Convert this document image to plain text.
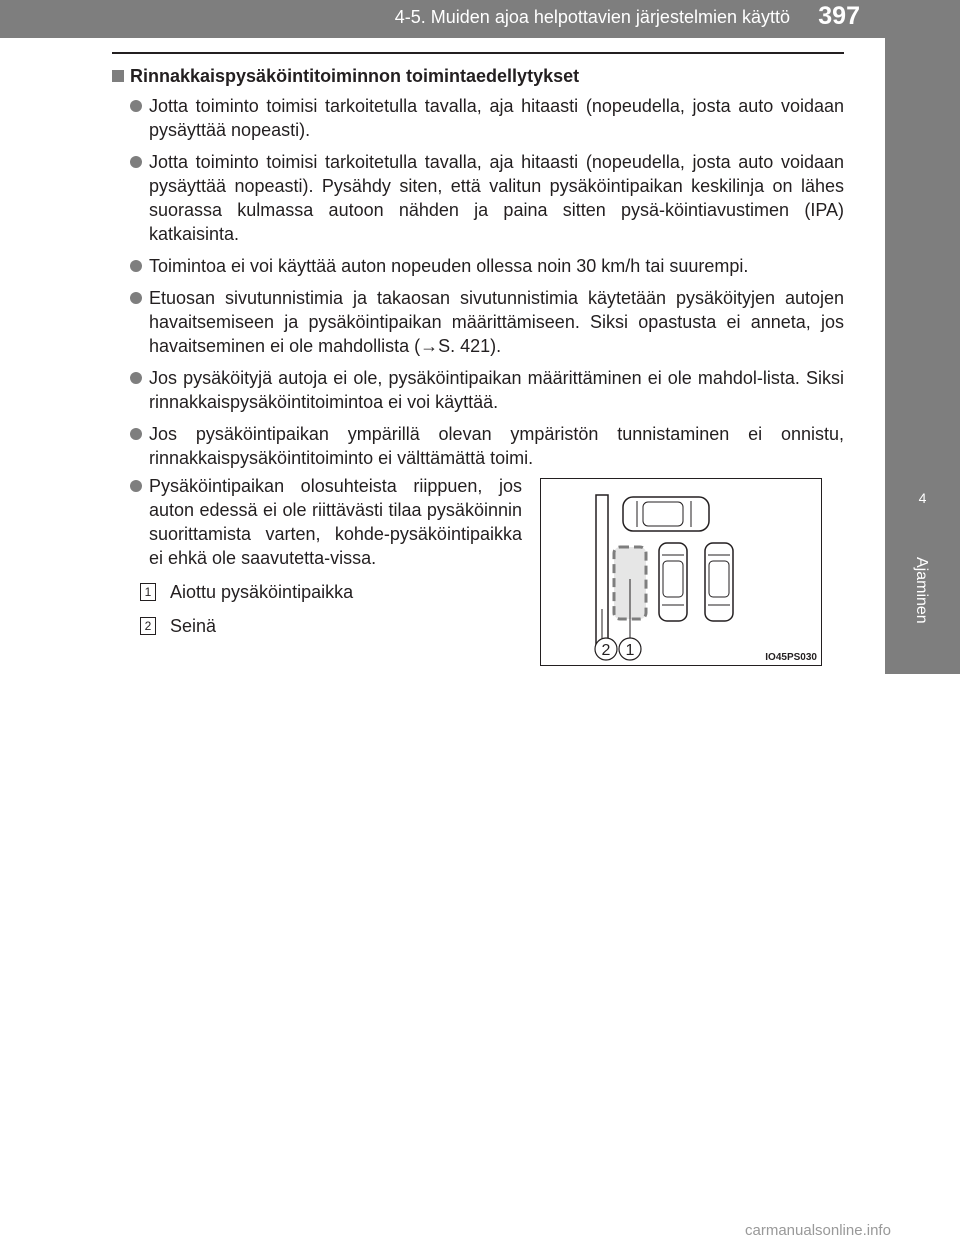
4-5. Muiden ajoa helpottavien järjestelmien käyttö 397
4
Ajaminen
Rinnakkaispysäköintitoiminnon toimintaedellytykset
Jotta toiminto toimisi tarkoitetulla tavalla, aja hitaasti (nopeudella, josta auto voidaan pysäyttää nopeasti).
Jotta toiminto toimisi tarkoitetulla tavalla, aja hitaasti (nopeudella, josta auto voidaan pysäyttää nopeasti). Pysähdy siten, että valitun pysäköintipaikan keskilinja on lähes suorassa kulmassa autoon nähden ja paina sitten pysä-köintiavustimen (IPA) katkaisinta.
Toimintoa ei voi käyttää auton nopeuden ollessa noin 30 km/h tai suurempi.
Etuosan sivutunnistimia ja takaosan sivutunnistimia käytetään pysäköityjen autojen havaitsemiseen ja pysäköintipaikan määrittämiseen. Siksi opastusta ei anneta, jos havaitseminen ei ole mahdollista (→S. 421).
Jos pysäköityjä autoja ei ole, pysäköintipaikan määrittäminen ei ole mahdol-lista. Siksi rinnakkaispysäköintitoimintoa ei voi käyttää.
Jos pysäköintipaikan ympärillä olevan ympäristön tunnistaminen ei onnistu, rinnakkaispysäköintitoiminto ei välttämättä toimi.
Pysäköintipaikan olosuhteista riippuen, jos auton edessä ei ole riittävästi tilaa pysäköinnin suorittamista varten, kohde-pysäköintipaikka ei ehkä ole saavutetta-vissa.
1 Aiottu pysäköintipaikka
2 Seinä
2 1	IO45PS030
carmanualsonline.info
